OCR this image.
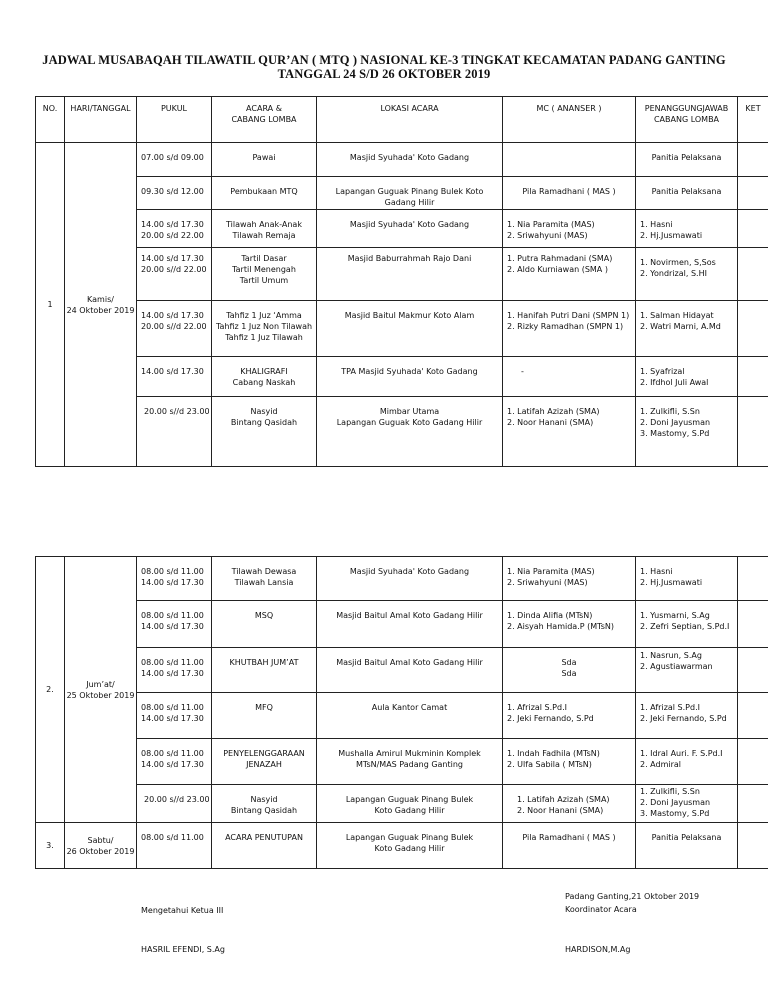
JADWAL MUSABAQAH TILAWATIL QUR’AN ( MTQ ) NASIONAL KE-3 TINGKAT KECAMATAN PADANG GANTING
TANGGAL 24 S/D 26 OKTOBER 2019
NO.	HARI/TANGGAL	PUKUL	ACARA &
CABANG LOMBA	LOKASI ACARA	MC ( ANANSER )	PENANGGUNGJAWAB
CABANG LOMBA	KET
1	Kamis/
24 Oktober 2019	07.00 s/d 09.00	Pawai	Masjid Syuhada' Koto Gadang		Panitia Pelaksana	

		09.30 s/d 12.00	Pembukaan MTQ	Lapangan Guguak Pinang Bulek Koto
Gadang Hilir	Pila Ramadhani ( MAS )	Panitia Pelaksana	

		14.00 s/d 17.30
20.00 s/d 22.00	Tilawah Anak-Anak
Tilawah Remaja	Masjid Syuhada' Koto Gadang	1. Nia Paramita (MAS)
2. Sriwahyuni (MAS)	1. Hasni
2. Hj.Jusmawati	

		14.00 s/d 17.30
20.00 s//d 22.00	Tartil Dasar
Tartil Menengah
Tartil Umum	Masjid Baburrahmah Rajo Dani	1. Putra Rahmadani (SMA)
2. Aldo Kurniawan (SMA )	1. Novirmen, S,Sos
2. Yondrizal, S.HI	

		14.00 s/d 17.30
20.00 s//d 22.00	Tahfiz 1 Juz ‘Amma
Tahfiz 1 Juz Non Tilawah
Tahfiz 1 Juz Tilawah	Masjid Baitul Makmur Koto Alam	1. Hanifah Putri Dani (SMPN 1)
2. Rizky Ramadhan (SMPN 1)	1. Salman Hidayat
2. Watri Marni, A.Md	

		14.00 s/d 17.30	KHALIGRAFI
Cabang Naskah	TPA Masjid Syuhada' Koto Gadang	-	1. Syafrizal
2. Ifdhol Juli Awal	

		20.00 s//d 23.00	Nasyid
Bintang Qasidah	Mimbar Utama
Lapangan Guguak Koto Gadang Hilir	1. Latifah Azizah (SMA)
2. Noor Hanani (SMA)	1. Zulkifli, S.Sn
2. Doni Jayusman
3. Mastomy, S.Pd	

2.	Jum’at/
25 Oktober 2019	08.00 s/d 11.00
14.00 s/d 17.30	Tilawah Dewasa
Tilawah Lansia	Masjid Syuhada' Koto Gadang	1. Nia Paramita (MAS)
2. Sriwahyuni (MAS)	1. Hasni
2. Hj.Jusmawati	

		08.00 s/d 11.00
14.00 s/d 17.30	MSQ	Masjid Baitul Amal Koto Gadang Hilir	1. Dinda Alifia (MTsN)
2. Aisyah Hamida.P (MTsN)	1. Yusmarni, S.Ag
2. Zefri Septian, S.Pd.I	

		08.00 s/d 11.00
14.00 s/d 17.30	KHUTBAH JUM’AT	Masjid Baitul Amal Koto Gadang Hilir	Sda
Sda	1. Nasrun, S.Ag
2. Agustiawarman	

		08.00 s/d 11.00
14.00 s/d 17.30	MFQ	Aula Kantor Camat	1. Afrizal S.Pd.I
2. Jeki Fernando, S.Pd	1. Afrizal S.Pd.I
2. Jeki Fernando, S.Pd	

		08.00 s/d 11.00
14.00 s/d 17.30	PENYELENGGARAAN
JENAZAH	Mushalla Amirul Mukminin Komplek
MTsN/MAS Padang Ganting	1. Indah Fadhila (MTsN)
2. Ulfa Sabila ( MTsN)	1. Idral Auri. F. S.Pd.I
2. Admiral	

		20.00 s//d 23.00	Nasyid
Bintang Qasidah	Lapangan Guguak Pinang Bulek
Koto Gadang Hilir	1. Latifah Azizah (SMA)
2. Noor Hanani (SMA)	1. Zulkifli, S.Sn
2. Doni Jayusman
3. Mastomy, S.Pd	

3.	Sabtu/
26 Oktober 2019	08.00 s/d 11.00	ACARA PENUTUPAN	Lapangan Guguak Pinang Bulek
Koto Gadang Hilir	Pila Ramadhani ( MAS )	Panitia Pelaksana	

Padang Ganting,21 Oktober 2019
Koordinator Acara
Mengetahui Ketua III
HASRIL EFENDI, S.Ag	HARDISON,M.Ag
